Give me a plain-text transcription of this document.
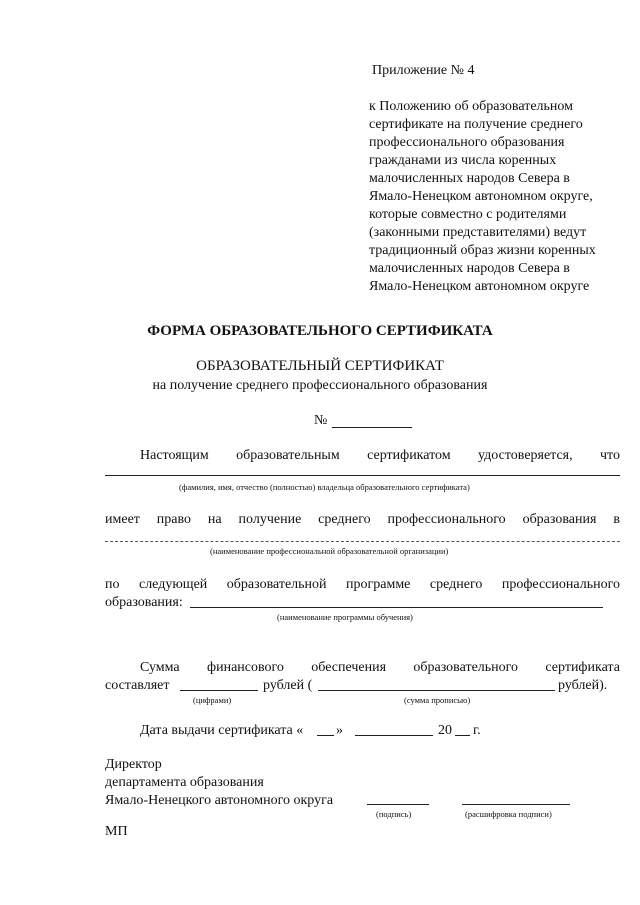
Приложение № 4
к Положению об образовательном
сертификате на получение среднего
профессионального образования
гражданами из числа коренных
малочисленных народов Севера в
Ямало-Ненецком автономном округе,
которые совместно с родителями
(законными представителями) ведут
традиционный образ жизни коренных
малочисленных народов Севера в
Ямало-Ненецком автономном округе
ФОРМА ОБРАЗОВАТЕЛЬНОГО СЕРТИФИКАТА
ОБРАЗОВАТЕЛЬНЫЙ СЕРТИФИКАТ
на получение среднего профессионального образования
№
Настоящим образовательным сертификатом удостоверяется, что
(фамилия, имя, отчество (полностью) владельца образовательного сертификата)
имеет право на получение среднего профессионального образования в
(наименование профессиональной образовательной организации)
по следующей образовательной программе среднего профессионального
образования:
(наименование программы обучения)
Сумма финансового обеспечения образовательного сертификата
составляет	рублей (	рублей).
(цифрами)	(сумма прописью)
Дата выдачи сертификата « »	20 г.
Директор
департамента образования
Ямало-Ненецкого автономного округа
(подпись)	(расшифровка подписи)
МП
